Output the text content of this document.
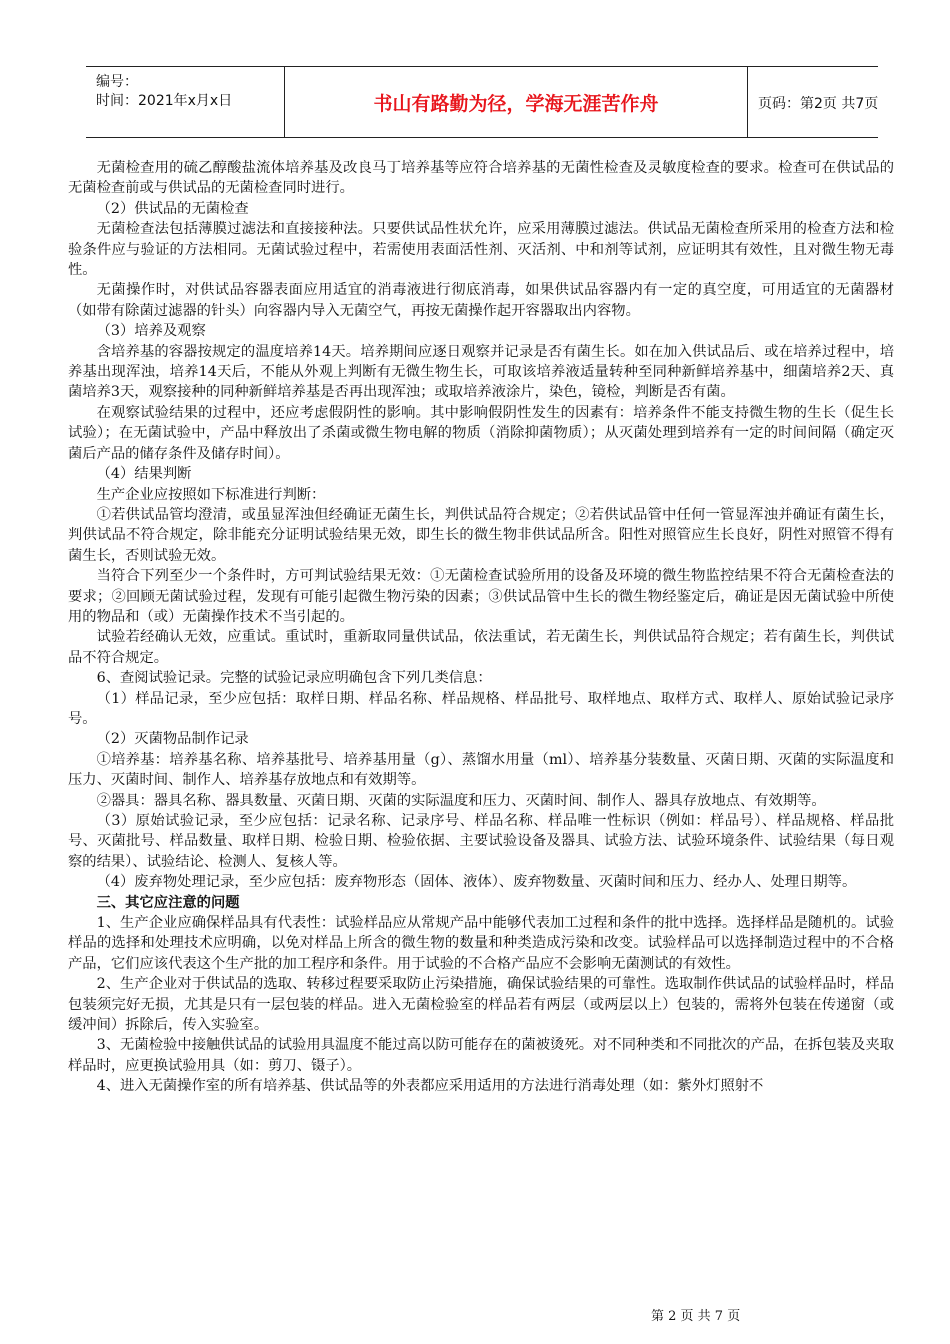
编号：
时间：2021年x月x日	书山有路勤为径，学海无涯苦作舟	页码：第2页 共7页

无菌检查用的硫乙醇酸盐流体培养基及改良马丁培养基等应符合培养基的无菌性检查及灵敏度检查的要求。检查可在供试品的无菌检查前或与供试品的无菌检查同时进行。

（2）供试品的无菌检查

无菌检查法包括薄膜过滤法和直接接种法。只要供试品性状允许，应采用薄膜过滤法。供试品无菌检查所采用的检查方法和检验条件应与验证的方法相同。无菌试验过程中，若需使用表面活性剂、灭活剂、中和剂等试剂，应证明其有效性，且对微生物无毒性。

无菌操作时，对供试品容器表面应用适宜的消毒液进行彻底消毒，如果供试品容器内有一定的真空度，可用适宜的无菌器材（如带有除菌过滤器的针头）向容器内导入无菌空气，再按无菌操作起开容器取出内容物。

（3）培养及观察

含培养基的容器按规定的温度培养14天。培养期间应逐日观察并记录是否有菌生长。如在加入供试品后、或在培养过程中，培养基出现浑浊，培养14天后，不能从外观上判断有无微生物生长，可取该培养液适量转种至同种新鲜培养基中，细菌培养2天、真菌培养3天，观察接种的同种新鲜培养基是否再出现浑浊；或取培养液涂片，染色，镜检，判断是否有菌。

在观察试验结果的过程中，还应考虑假阴性的影响。其中影响假阴性发生的因素有：培养条件不能支持微生物的生长（促生长试验）；在无菌试验中，产品中释放出了杀菌或微生物电解的物质（消除抑菌物质）；从灭菌处理到培养有一定的时间间隔（确定灭菌后产品的储存条件及储存时间）。

（4）结果判断

生产企业应按照如下标准进行判断：

①若供试品管均澄清，或虽显浑浊但经确证无菌生长，判供试品符合规定；②若供试品管中任何一管显浑浊并确证有菌生长，判供试品不符合规定，除非能充分证明试验结果无效，即生长的微生物非供试品所含。阳性对照管应生长良好，阴性对照管不得有菌生长，否则试验无效。

当符合下列至少一个条件时，方可判试验结果无效：①无菌检查试验所用的设备及环境的微生物监控结果不符合无菌检查法的要求；②回顾无菌试验过程，发现有可能引起微生物污染的因素；③供试品管中生长的微生物经鉴定后，确证是因无菌试验中所使用的物品和（或）无菌操作技术不当引起的。

试验若经确认无效，应重试。重试时，重新取同量供试品，依法重试，若无菌生长，判供试品符合规定；若有菌生长，判供试品不符合规定。

6、查阅试验记录。完整的试验记录应明确包含下列几类信息：

（1）样品记录，至少应包括：取样日期、样品名称、样品规格、样品批号、取样地点、取样方式、取样人、原始试验记录序号。

（2）灭菌物品制作记录

①培养基：培养基名称、培养基批号、培养基用量（g）、蒸馏水用量（ml）、培养基分装数量、灭菌日期、灭菌的实际温度和压力、灭菌时间、制作人、培养基存放地点和有效期等。

②器具：器具名称、器具数量、灭菌日期、灭菌的实际温度和压力、灭菌时间、制作人、器具存放地点、有效期等。

（3）原始试验记录，至少应包括：记录名称、记录序号、样品名称、样品唯一性标识（例如：样品号）、样品规格、样品批号、灭菌批号、样品数量、取样日期、检验日期、检验依据、主要试验设备及器具、试验方法、试验环境条件、试验结果（每日观察的结果）、试验结论、检测人、复核人等。

（4）废弃物处理记录，至少应包括：废弃物形态（固体、液体）、废弃物数量、灭菌时间和压力、经办人、处理日期等。

三、其它应注意的问题

1、生产企业应确保样品具有代表性：试验样品应从常规产品中能够代表加工过程和条件的批中选择。选择样品是随机的。试验样品的选择和处理技术应明确，以免对样品上所含的微生物的数量和种类造成污染和改变。试验样品可以选择制造过程中的不合格产品，它们应该代表这个生产批的加工程序和条件。用于试验的不合格产品应不会影响无菌测试的有效性。

2、生产企业对于供试品的选取、转移过程要采取防止污染措施，确保试验结果的可靠性。选取制作供试品的试验样品时，样品包装须完好无损，尤其是只有一层包装的样品。进入无菌检验室的样品若有两层（或两层以上）包装的，需将外包装在传递窗（或缓冲间）拆除后，传入实验室。

3、无菌检验中接触供试品的试验用具温度不能过高以防可能存在的菌被烫死。对不同种类和不同批次的产品，在拆包装及夹取样品时，应更换试验用具（如：剪刀、镊子）。

4、进入无菌操作室的所有培养基、供试品等的外表都应采用适用的方法进行消毒处理（如：紫外灯照射不

第 2 页 共 7 页
